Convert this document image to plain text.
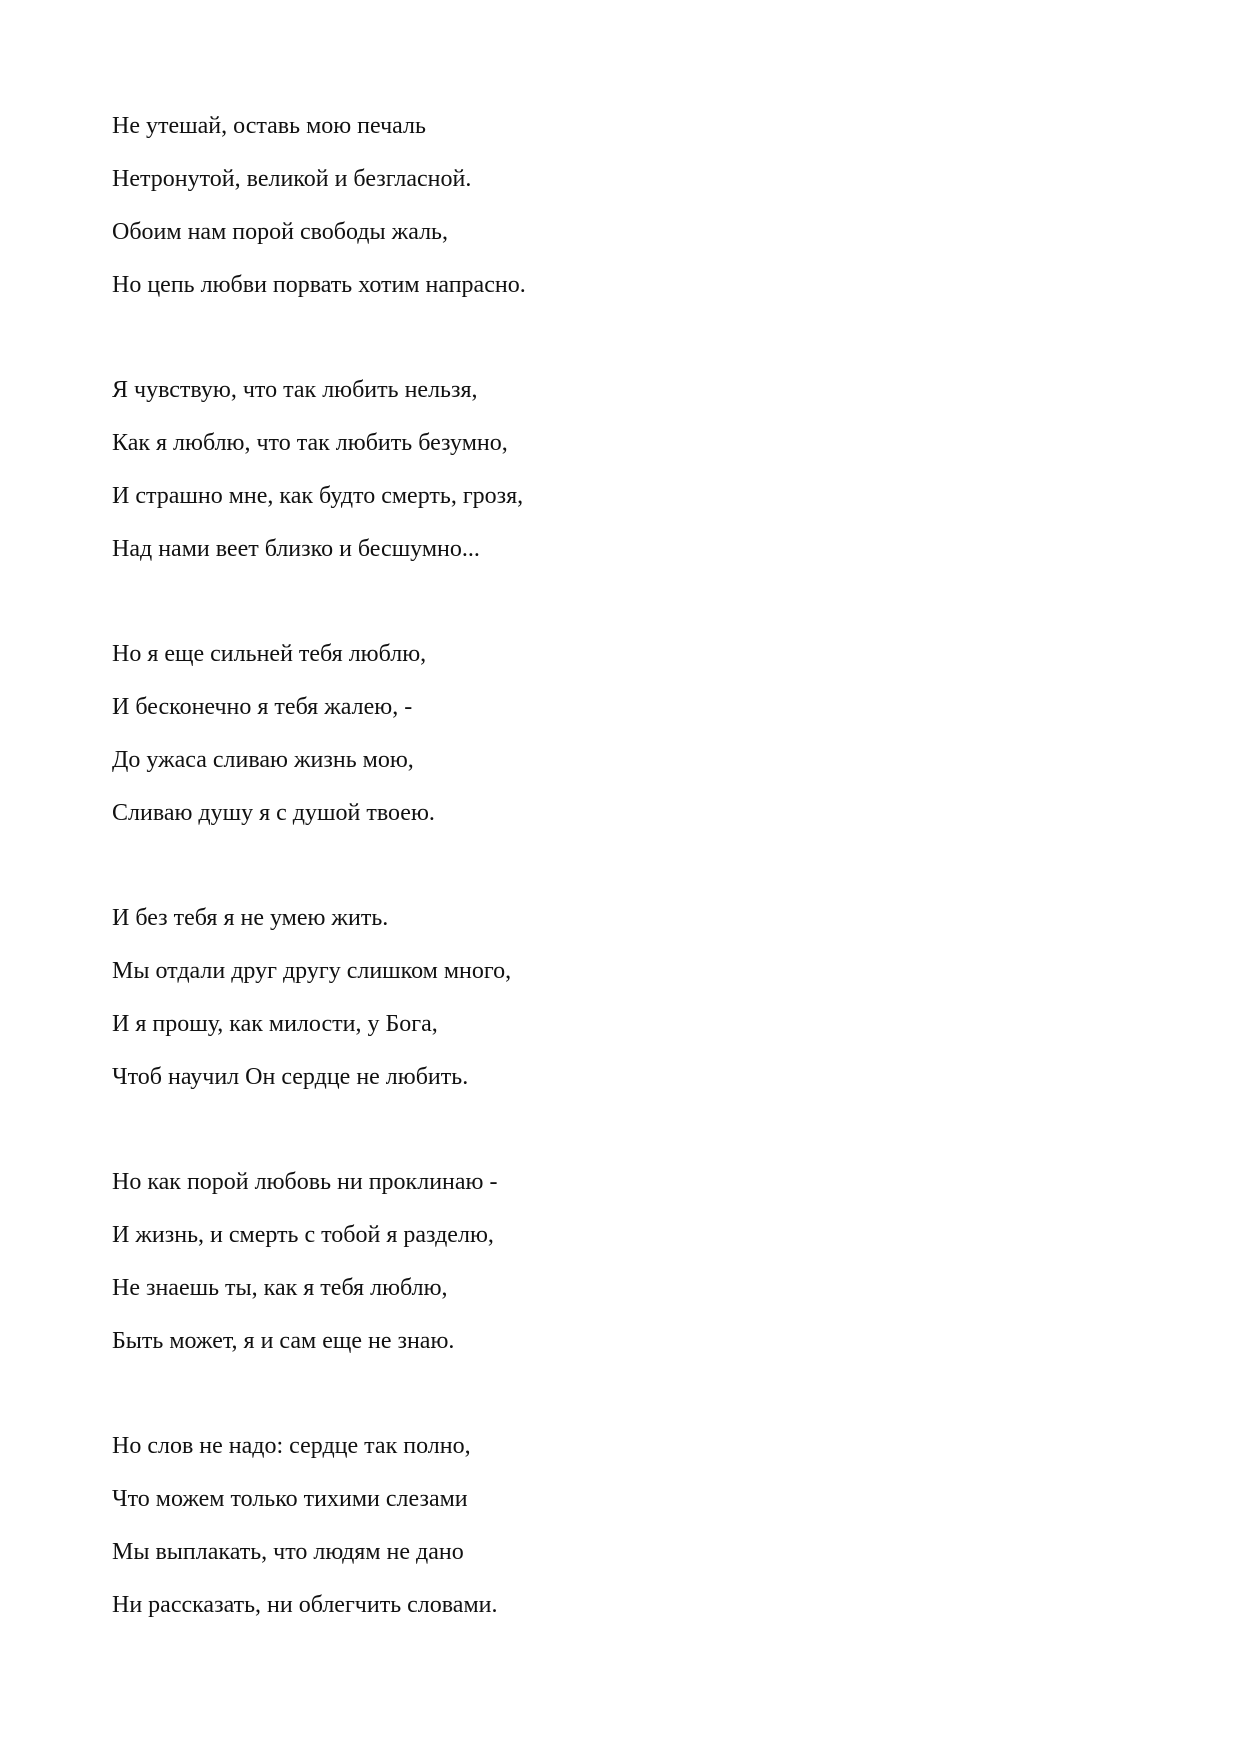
Не утешай, оставь мою печаль
Нетронутой, великой и безгласной.
Обоим нам порой свободы жаль,
Но цепь любви порвать хотим напрасно.
Я чувствую, что так любить нельзя,
Как я люблю, что так любить безумно,
И страшно мне, как будто смерть, грозя,
Над нами веет близко и бесшумно...
Но я еще сильней тебя люблю,
И бесконечно я тебя жалею, -
До ужаса сливаю жизнь мою,
Сливаю душу я с душой твоею.
И без тебя я не умею жить.
Мы отдали друг другу слишком много,
И я прошу, как милости, у Бога,
Чтоб научил Он сердце не любить.
Но как порой любовь ни проклинаю -
И жизнь, и смерть с тобой я разделю,
Не знаешь ты, как я тебя люблю,
Быть может, я и сам еще не знаю.
Но слов не надо: сердце так полно,
Что можем только тихими слезами
Мы выплакать, что людям не дано
Ни рассказать, ни облегчить словами.
